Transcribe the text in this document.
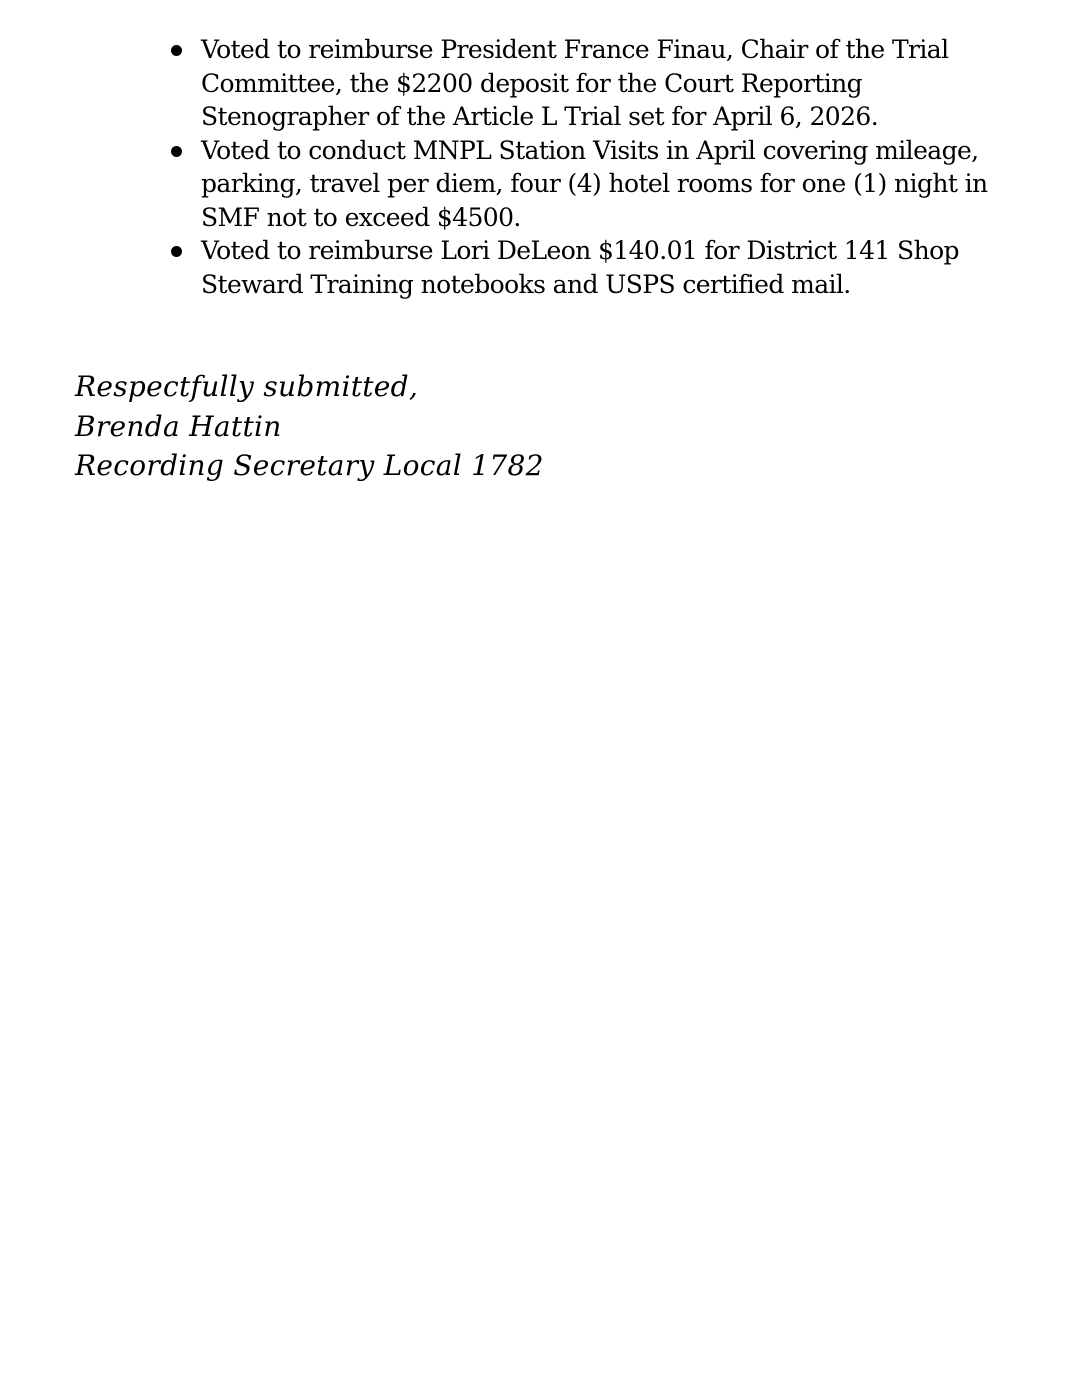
Voted to reimburse President France Finau, Chair of the Trial Committee, the $2200 deposit for the Court Reporting Stenographer of the Article L Trial set for April 6, 2026.
Voted to conduct MNPL Station Visits in April covering mileage, parking, travel per diem, four (4) hotel rooms for one (1) night in SMF not to exceed $4500.
Voted to reimburse Lori DeLeon $140.01 for District 141 Shop Steward Training notebooks and USPS certified mail.
Respectfully submitted,
Brenda Hattin
Recording Secretary Local 1782
